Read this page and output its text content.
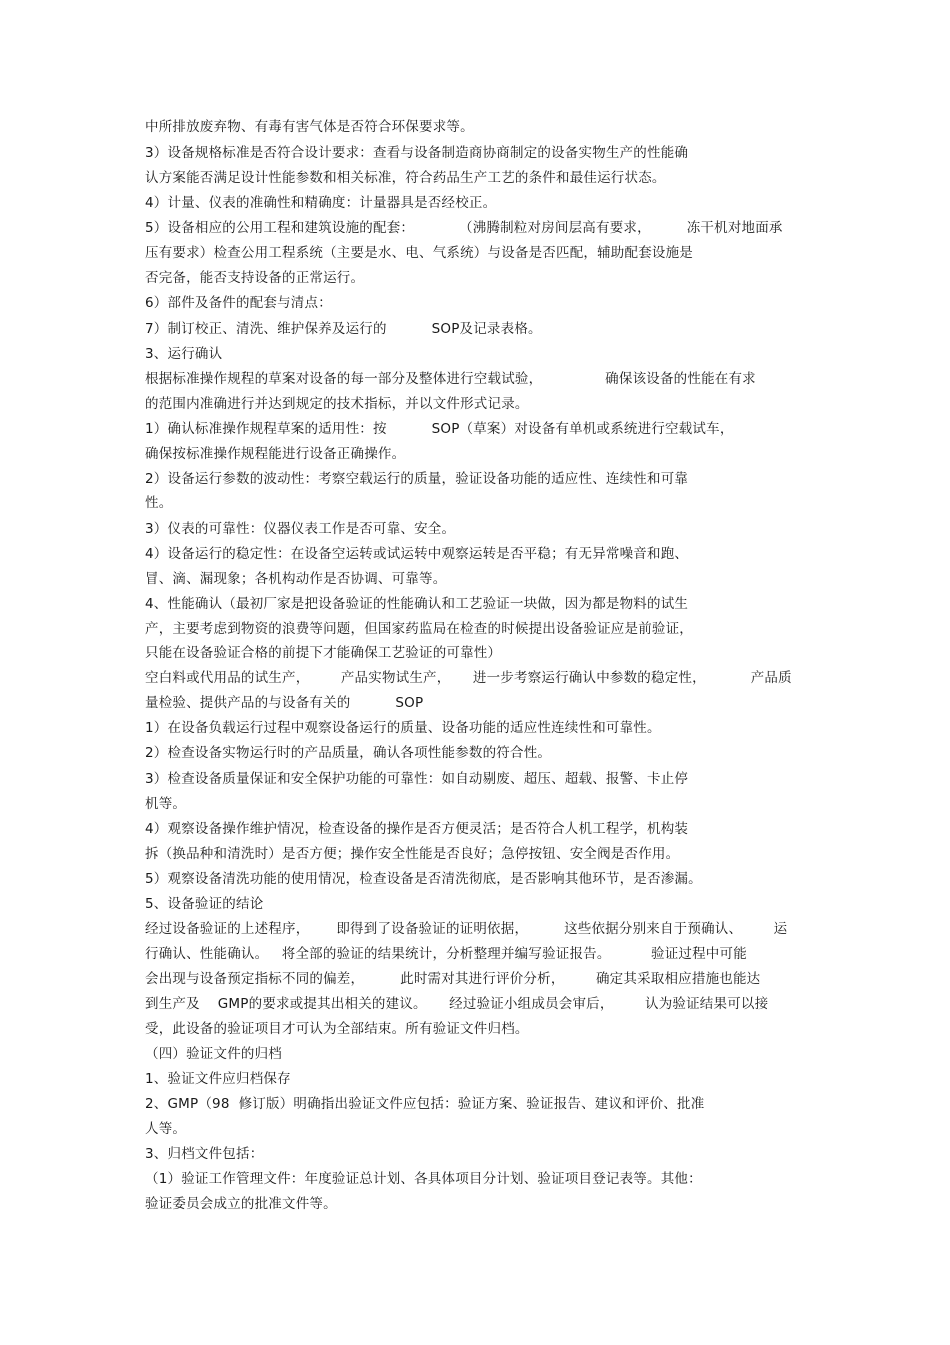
中所排放废弃物、有毒有害气体是否符合环保要求等。
3）设备规格标准是否符合设计要求：查看与设备制造商协商制定的设备实物生产的性能确
认方案能否满足设计性能参数和相关标准，符合药品生产工艺的条件和最佳运行状态。
4）计量、仪表的准确性和精确度：计量器具是否经校正。
5）设备相应的公用工程和建筑设施的配套：          （沸腾制粒对房间层高有要求，        冻干机对地面承
压有要求）检查公用工程系统（主要是水、电、气系统）与设备是否匹配，辅助配套设施是
否完备，能否支持设备的正常运行。
6）部件及备件的配套与清点：
7）制订校正、清洗、维护保养及运行的          SOP及记录表格。
3、运行确认
根据标准操作规程的草案对设备的每一部分及整体进行空载试验，              确保该设备的性能在有求
的范围内准确进行并达到规定的技术指标，并以文件形式记录。
1）确认标准操作规程草案的适用性：按          SOP（草案）对设备有单机或系统进行空载试车，
确保按标准操作规程能进行设备正确操作。
2）设备运行参数的波动性：考察空载运行的质量，验证设备功能的适应性、连续性和可靠
性。
3）仪表的可靠性：仪器仪表工作是否可靠、安全。
4）设备运行的稳定性：在设备空运转或试运转中观察运转是否平稳；有无异常噪音和跑、
冒、滴、漏现象；各机构动作是否协调、可靠等。
4、性能确认（最初厂家是把设备验证的性能确认和工艺验证一块做，因为都是物料的试生
产，主要考虑到物资的浪费等问题，但国家药监局在检查的时候提出设备验证应是前验证，
只能在设备验证合格的前提下才能确保工艺验证的可靠性）
空白料或代用品的试生产，       产品实物试生产，     进一步考察运行确认中参数的稳定性，          产品质
量检验、提供产品的与设备有关的          SOP
1）在设备负载运行过程中观察设备运行的质量、设备功能的适应性连续性和可靠性。
2）检查设备实物运行时的产品质量，确认各项性能参数的符合性。
3）检查设备质量保证和安全保护功能的可靠性：如自动剔废、超压、超载、报警、卡止停
机等。
4）观察设备操作维护情况，检查设备的操作是否方便灵活；是否符合人机工程学，机构装
拆（换品种和清洗时）是否方便；操作安全性能是否良好；急停按钮、安全阀是否作用。
5）观察设备清洗功能的使用情况，检查设备是否清洗彻底，是否影响其他环节，是否渗漏。
5、设备验证的结论
经过设备验证的上述程序，      即得到了设备验证的证明依据，        这些依据分别来自于预确认、       运
行确认、性能确认。   将全部的验证的结果统计，分析整理并编写验证报告。         验证过程中可能
会出现与设备预定指标不同的偏差，        此时需对其进行评价分析，       确定其采取相应措施也能达
到生产及    GMP的要求或提其出相关的建议。     经过验证小组成员会审后，       认为验证结果可以接
受，此设备的验证项目才可认为全部结束。所有验证文件归档。
（四）验证文件的归档
1、验证文件应归档保存
2、GMP（98  修订版）明确指出验证文件应包括：验证方案、验证报告、建议和评价、批准
人等。
3、归档文件包括：
（1）验证工作管理文件：年度验证总计划、各具体项目分计划、验证项目登记表等。其他：
验证委员会成立的批准文件等。
